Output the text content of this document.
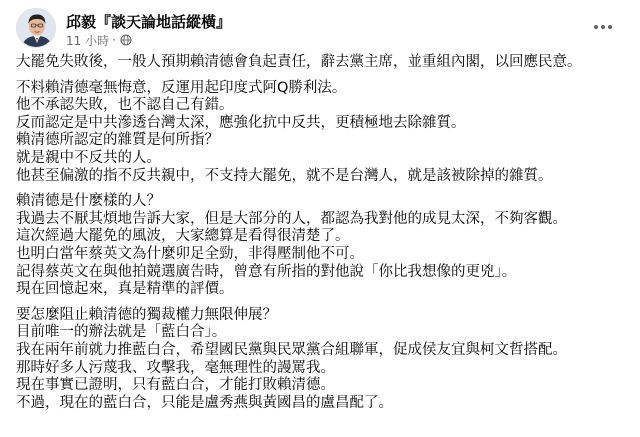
邱毅『談天論地話縱橫』
11 小時 ·
大罷免失敗後，一般人預期賴清德會負起責任，辭去黨主席，並重組內閣，以回應民意。
不料賴清德毫無悔意，反運用起印度式阿Q勝利法。
他不承認失敗，也不認自己有錯。
反而認定是中共滲透台灣太深，應強化抗中反共，更積極地去除雜質。
賴清德所認定的雜質是何所指？
就是親中不反共的人。
他甚至偏激的指不反共親中，不支持大罷免，就不是台灣人，就是該被除掉的雜質。
賴清德是什麼樣的人？
我過去不厭其煩地告訴大家，但是大部分的人，都認為我對他的成見太深，不夠客觀。
這次經過大罷免的風波，大家總算是看得很清楚了。
也明白當年蔡英文為什麼卯足全勁，非得壓制他不可。
記得蔡英文在與他拍競選廣告時，曾意有所指的對他說「你比我想像的更兇」。
現在回憶起來，真是精準的評價。
要怎麼阻止賴清德的獨裁權力無限伸展？
目前唯一的辦法就是「藍白合」。
我在兩年前就力推藍白合，希望國民黨與民眾黨合組聯軍，促成侯友宜與柯文哲搭配。
那時好多人污蔑我、攻擊我，毫無理性的謾罵我。
現在事實已證明，只有藍白合，才能打敗賴清德。
不過，現在的藍白合，只能是盧秀燕與黃國昌的盧昌配了。
